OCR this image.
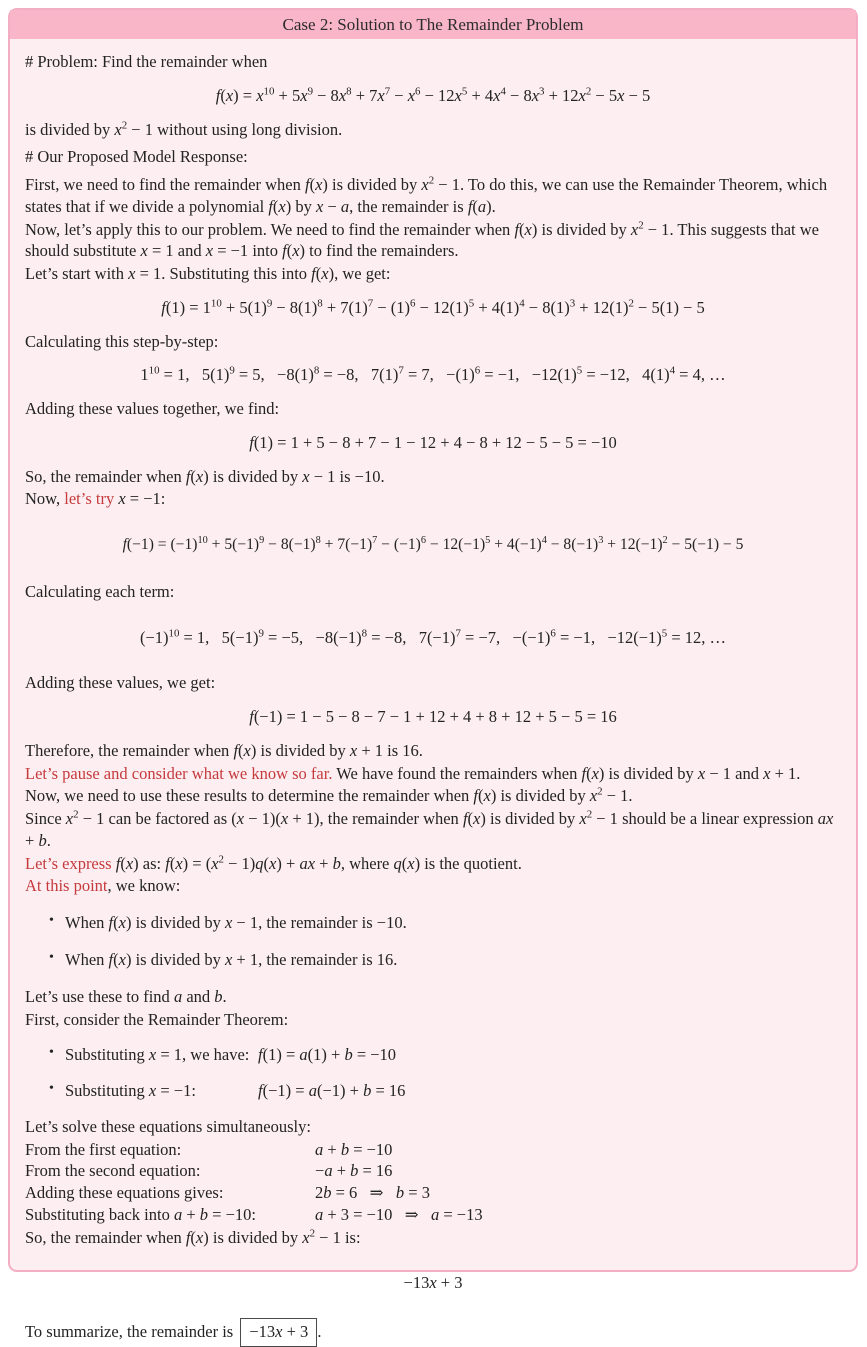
Case 2: Solution to The Remainder Problem
# Problem: Find the remainder when
$f(x) = x^{10} + 5x^9 - 8x^8 + 7x^7 - x^6 - 12x^5 + 4x^4 - 8x^3 + 12x^2 - 5x - 5$
is divided by $x^2 - 1$ without using long division.
# Our Proposed Model Response:
First, we need to find the remainder when f(x) is divided by $x^2 - 1$. To do this, we can use the Remainder Theorem, which states that if we divide a polynomial f(x) by x − a, the remainder is f(a).
Now, let’s apply this to our problem. We need to find the remainder when f(x) is divided by $x^2 - 1$. This suggests that we should substitute x = 1 and x = −1 into f(x) to find the remainders.
Let’s start with x = 1. Substituting this into f(x), we get:
$f(1) = 1^{10} + 5(1)^9 - 8(1)^8 + 7(1)^7 - (1)^6 - 12(1)^5 + 4(1)^4 - 8(1)^3 + 12(1)^2 - 5(1) - 5$
Calculating this step-by-step:
$1^{10} = 1$,   $5(1)^9 = 5$,   $-8(1)^8 = -8$,   $7(1)^7 = 7$,   $-(1)^6 = -1$,   $-12(1)^5 = -12$,   $4(1)^4 = 4$, …
Adding these values together, we find:
f(1) = 1 + 5 − 8 + 7 − 1 − 12 + 4 − 8 + 12 − 5 − 5 = −10
So, the remainder when f(x) is divided by x − 1 is −10.
Now, let’s try x = −1:
$f(-1) = (-1)^{10} + 5(-1)^9 - 8(-1)^8 + 7(-1)^7 - (-1)^6 - 12(-1)^5 + 4(-1)^4 - 8(-1)^3 + 12(-1)^2 - 5(-1) - 5$
Calculating each term:
$(-1)^{10} = 1$,   $5(-1)^9 = -5$,   $-8(-1)^8 = -8$,   $7(-1)^7 = -7$,   $-(-1)^6 = -1$,   $-12(-1)^5 = 12$, …
Adding these values, we get:
f(−1) = 1 − 5 − 8 − 7 − 1 + 12 + 4 + 8 + 12 + 5 − 5 = 16
Therefore, the remainder when f(x) is divided by x + 1 is 16.
Let’s pause and consider what we know so far. We have found the remainders when f(x) is divided by x − 1 and x + 1.
Now, we need to use these results to determine the remainder when f(x) is divided by $x^2 - 1$.
Since $x^2 - 1$ can be factored as (x − 1)(x + 1), the remainder when f(x) is divided by $x^2 - 1$ should be a linear expression ax + b.
Let’s express f(x) as: $f(x) = (x^2 - 1)q(x)$ + ax + b, where q(x) is the quotient.
At this point, we know:
• When f(x) is divided by x − 1, the remainder is −10.
• When f(x) is divided by x + 1, the remainder is 16.
Let’s use these to find a and b.
First, consider the Remainder Theorem:
• Substituting x = 1, we have: f(1) = a(1) + b = −10
• Substituting x = −1:	f(−1) = a(−1) + b = 16
Let’s solve these equations simultaneously:
From the first equation:	a + b = −10
From the second equation:	−a + b = 16
Adding these equations gives:	2b = 6   ⇒   b = 3
Substituting back into a + b = −10:	a + 3 = −10   ⇒   a = −13
So, the remainder when f(x) is divided by $x^2 - 1$ is:
−13x + 3
To summarize, the remainder is −13x + 3 .
